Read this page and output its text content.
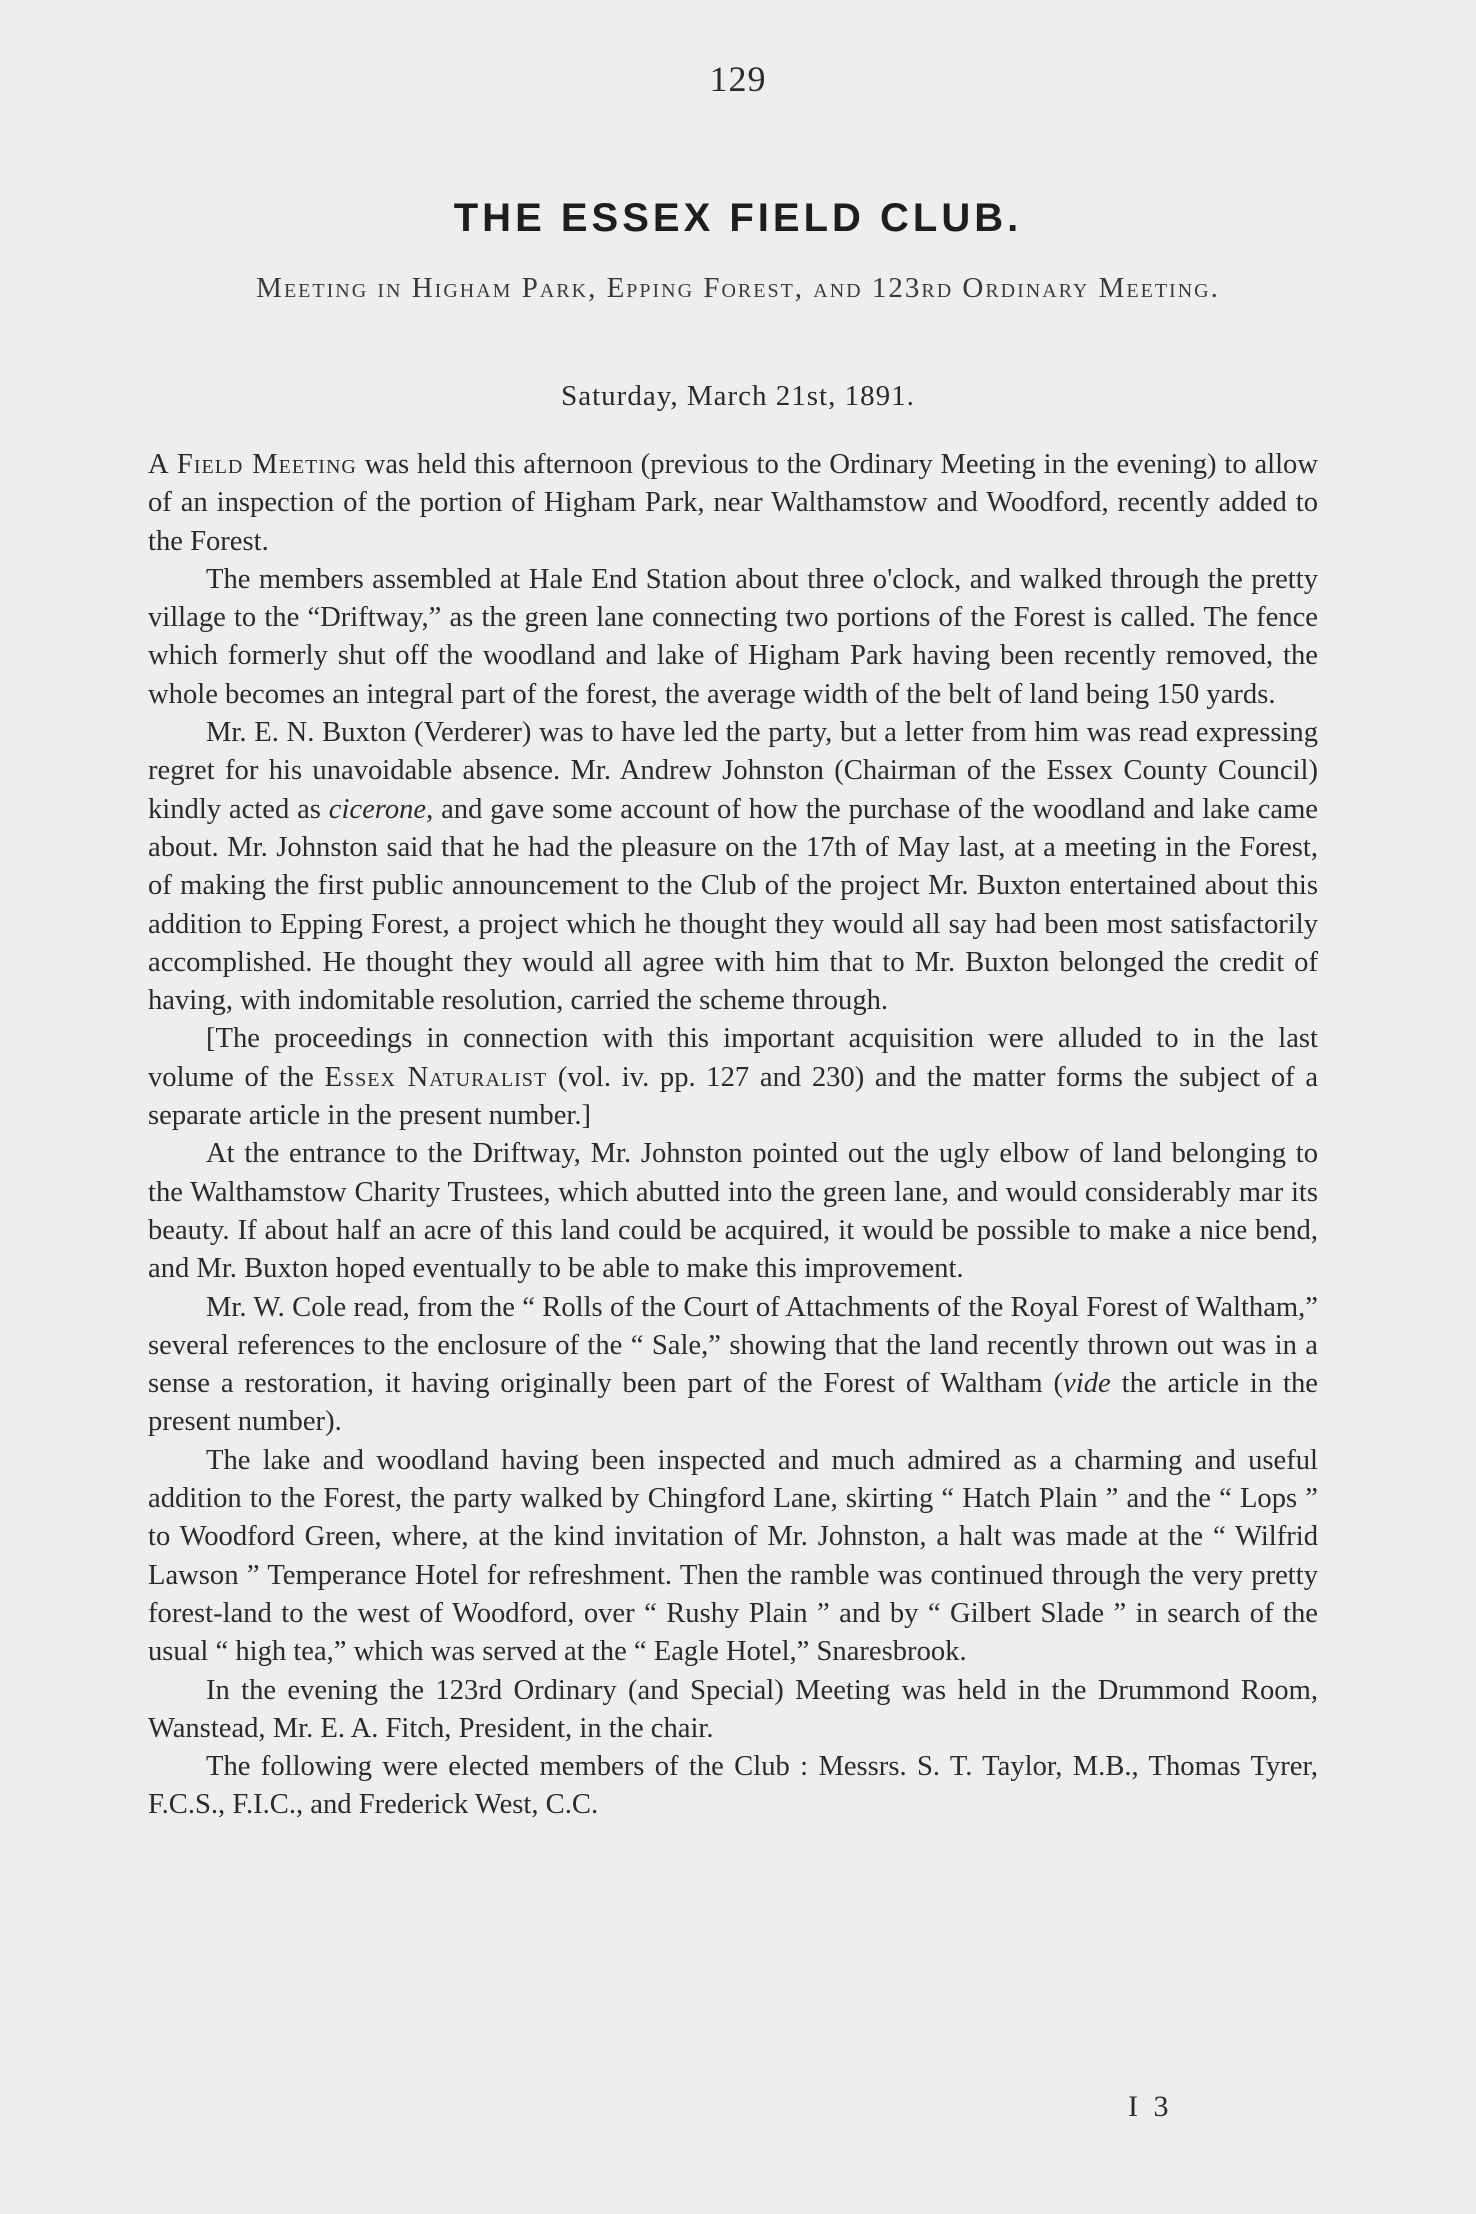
129
THE ESSEX FIELD CLUB.
Meeting in Higham Park, Epping Forest, and 123rd Ordinary Meeting.
Saturday, March 21st, 1891.

A Field Meeting was held this afternoon (previous to the Ordinary Meeting in the evening) to allow of an inspection of the portion of Higham Park, near Walthamstow and Woodford, recently added to the Forest.

The members assembled at Hale End Station about three o'clock, and walked through the pretty village to the “Driftway,” as the green lane connecting two portions of the Forest is called. The fence which formerly shut off the woodland and lake of Higham Park having been recently removed, the whole becomes an integral part of the forest, the average width of the belt of land being 150 yards.

Mr. E. N. Buxton (Verderer) was to have led the party, but a letter from him was read expressing regret for his unavoidable absence. Mr. Andrew Johnston (Chairman of the Essex County Council) kindly acted as cicerone, and gave some account of how the purchase of the woodland and lake came about. Mr. Johnston said that he had the pleasure on the 17th of May last, at a meeting in the Forest, of making the first public announcement to the Club of the project Mr. Buxton entertained about this addition to Epping Forest, a project which he thought they would all say had been most satisfactorily accomplished. He thought they would all agree with him that to Mr. Buxton belonged the credit of having, with indomitable resolution, carried the scheme through.

[The proceedings in connection with this important acquisition were alluded to in the last volume of the Essex Naturalist (vol. iv. pp. 127 and 230) and the matter forms the subject of a separate article in the present number.]

At the entrance to the Driftway, Mr. Johnston pointed out the ugly elbow of land belonging to the Walthamstow Charity Trustees, which abutted into the green lane, and would considerably mar its beauty. If about half an acre of this land could be acquired, it would be possible to make a nice bend, and Mr. Buxton hoped eventually to be able to make this improvement.

Mr. W. Cole read, from the “ Rolls of the Court of Attachments of the Royal Forest of Waltham,” several references to the enclosure of the “ Sale,” showing that the land recently thrown out was in a sense a restoration, it having originally been part of the Forest of Waltham (vide the article in the present number).

The lake and woodland having been inspected and much admired as a charming and useful addition to the Forest, the party walked by Chingford Lane, skirting “ Hatch Plain ” and the “ Lops ” to Woodford Green, where, at the kind invitation of Mr. Johnston, a halt was made at the “ Wilfrid Lawson ” Temperance Hotel for refreshment. Then the ramble was continued through the very pretty forest-land to the west of Woodford, over “ Rushy Plain ” and by “ Gilbert Slade ” in search of the usual “ high tea,” which was served at the “ Eagle Hotel,” Snaresbrook.

In the evening the 123rd Ordinary (and Special) Meeting was held in the Drummond Room, Wanstead, Mr. E. A. Fitch, President, in the chair.

The following were elected members of the Club : Messrs. S. T. Taylor, M.B., Thomas Tyrer, F.C.S., F.I.C., and Frederick West, C.C.

I 3
